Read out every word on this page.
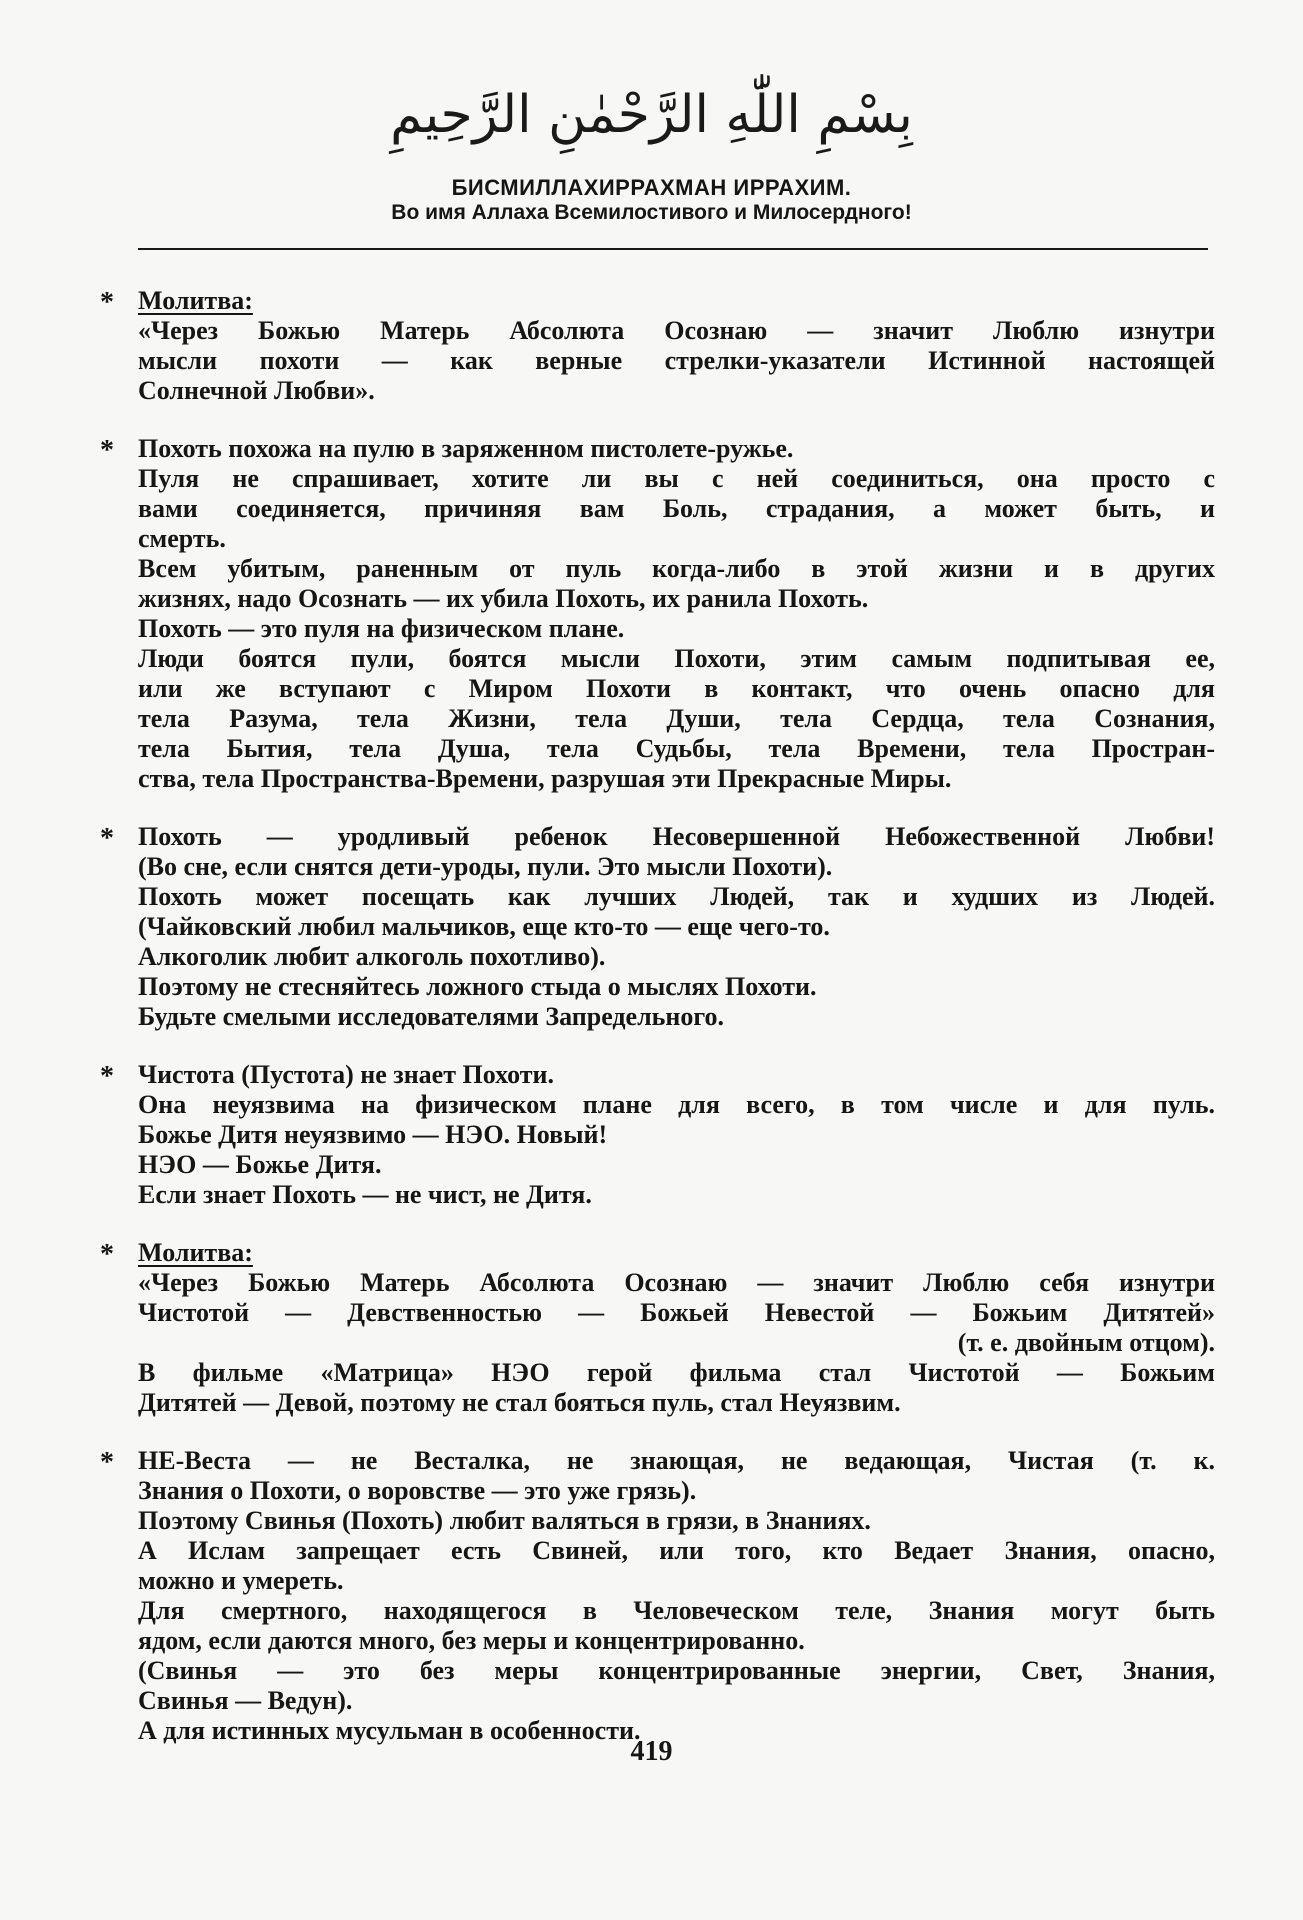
بِسْمِ اللّٰهِ الرَّحْمٰنِ الرَّحِيمِ
БИСМИЛЛАХИРРАХМАН ИРРАХИМ.
Во имя Аллаха Всемилостивого и Милосердного!
* Молитва:
«Через Божью Матерь Абсолюта Осознаю — значит Люблю изнутри
мысли похоти — как верные стрелки-указатели Истинной настоящей
Солнечной Любви».
* Похоть похожа на пулю в заряженном пистолете-ружье.
Пуля не спрашивает, хотите ли вы с ней соединиться, она просто с
вами соединяется, причиняя вам Боль, страдания, а может быть, и
смерть.
Всем убитым, раненным от пуль когда-либо в этой жизни и в других
жизнях, надо Осознать — их убила Похоть, их ранила Похоть.
Похоть — это пуля на физическом плане.
Люди боятся пули, боятся мысли Похоти, этим самым подпитывая ее,
или же вступают с Миром Похоти в контакт, что очень опасно для
тела Разума, тела Жизни, тела Души, тела Сердца, тела Сознания,
тела Бытия, тела Душа, тела Судьбы, тела Времени, тела Простран-
ства, тела Пространства-Времени, разрушая эти Прекрасные Миры.
* Похоть — уродливый ребенок Несовершенной Небожественной Любви!
(Во сне, если снятся дети-уроды, пули. Это мысли Похоти).
Похоть может посещать как лучших Людей, так и худших из Людей.
(Чайковский любил мальчиков, еще кто-то — еще чего-то.
Алкоголик любит алкоголь похотливо).
Поэтому не стесняйтесь ложного стыда о мыслях Похоти.
Будьте смелыми исследователями Запредельного.
* Чистота (Пустота) не знает Похоти.
Она неуязвима на физическом плане для всего, в том числе и для пуль.
Божье Дитя неуязвимо — НЭО. Новый!
НЭО — Божье Дитя.
Если знает Похоть — не чист, не Дитя.
* Молитва:
«Через Божью Матерь Абсолюта Осознаю — значит Люблю себя изнутри
Чистотой — Девственностью — Божьей Невестой — Божьим Дитятей»
(т. е. двойным отцом).
В фильме «Матрица» НЭО герой фильма стал Чистотой — Божьим
Дитятей — Девой, поэтому не стал бояться пуль, стал Неуязвим.
* НЕ-Веста — не Весталка, не знающая, не ведающая, Чистая (т. к.
Знания о Похоти, о воровстве — это уже грязь).
Поэтому Свинья (Похоть) любит валяться в грязи, в Знаниях.
А Ислам запрещает есть Свиней, или того, кто Ведает Знания, опасно,
можно и умереть.
Для смертного, находящегося в Человеческом теле, Знания могут быть
ядом, если даются много, без меры и концентрированно.
(Свинья — это без меры концентрированные энергии, Свет, Знания,
Свинья — Ведун).
А для истинных мусульман в особенности.
419
